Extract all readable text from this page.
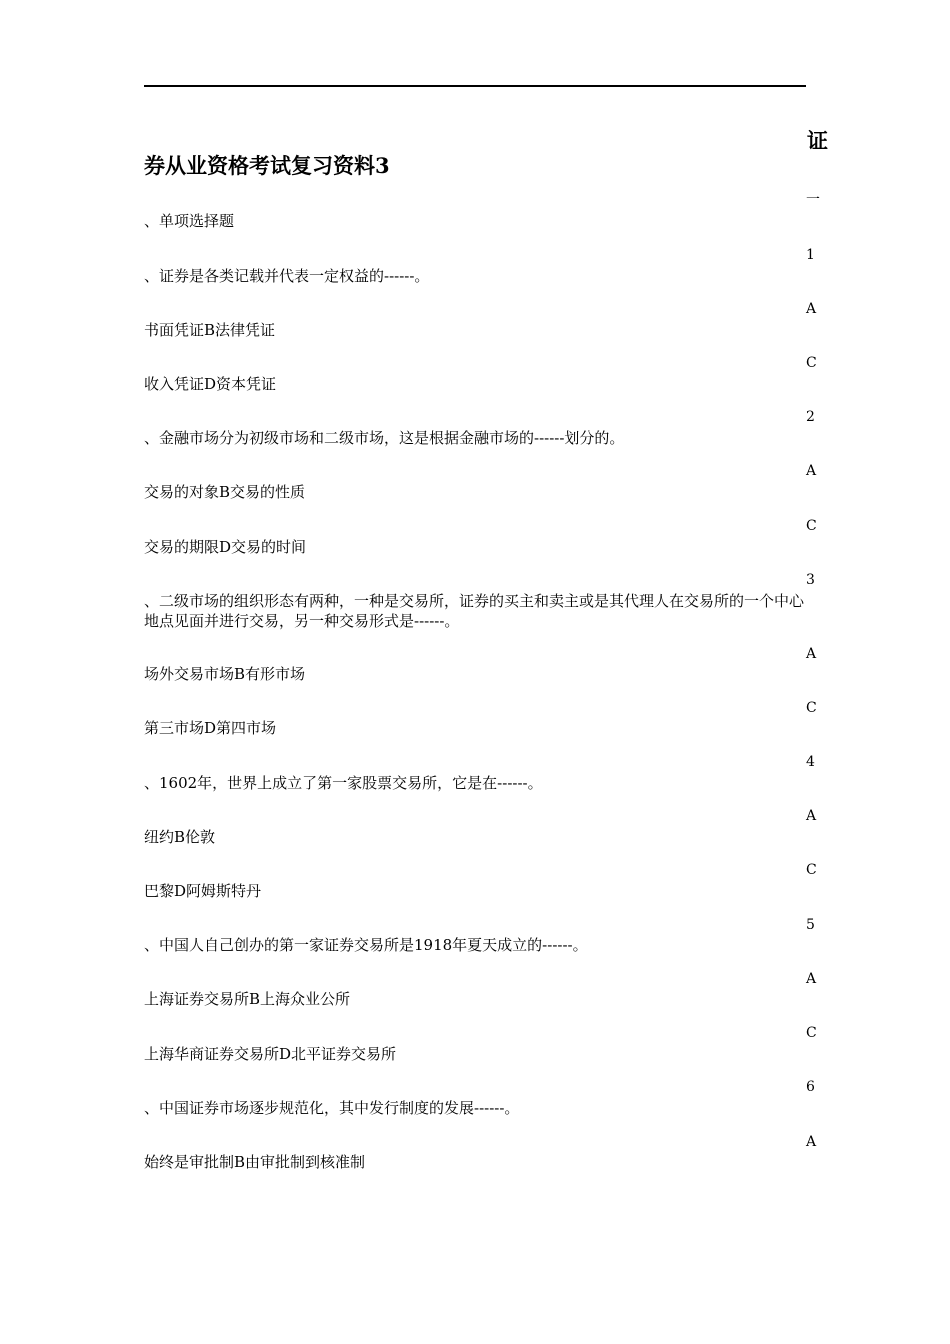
证
券从业资格考试复习资料3
、单项选择题
、证券是各类记载并代表一定权益的------。
书面凭证B法律凭证
收入凭证D资本凭证
、金融市场分为初级市场和二级市场，这是根据金融市场的------划分的。
交易的对象B交易的性质
交易的期限D交易的时间
、二级市场的组织形态有两种，一种是交易所，证券的买主和卖主或是其代理人在交易所的一个中心地点见面并进行交易，另一种交易形式是------。
场外交易市场B有形市场
第三市场D第四市场
、1602年，世界上成立了第一家股票交易所，它是在------。
纽约B伦敦
巴黎D阿姆斯特丹
、中国人自己创办的第一家证券交易所是1918年夏天成立的------。
上海证券交易所B上海众业公所
上海华商证券交易所D北平证券交易所
、中国证券市场逐步规范化，其中发行制度的发展------。
始终是审批制B由审批制到核准制
一
1
A
C
2
A
C
3
A
C
4
A
C
5
A
C
6
A
